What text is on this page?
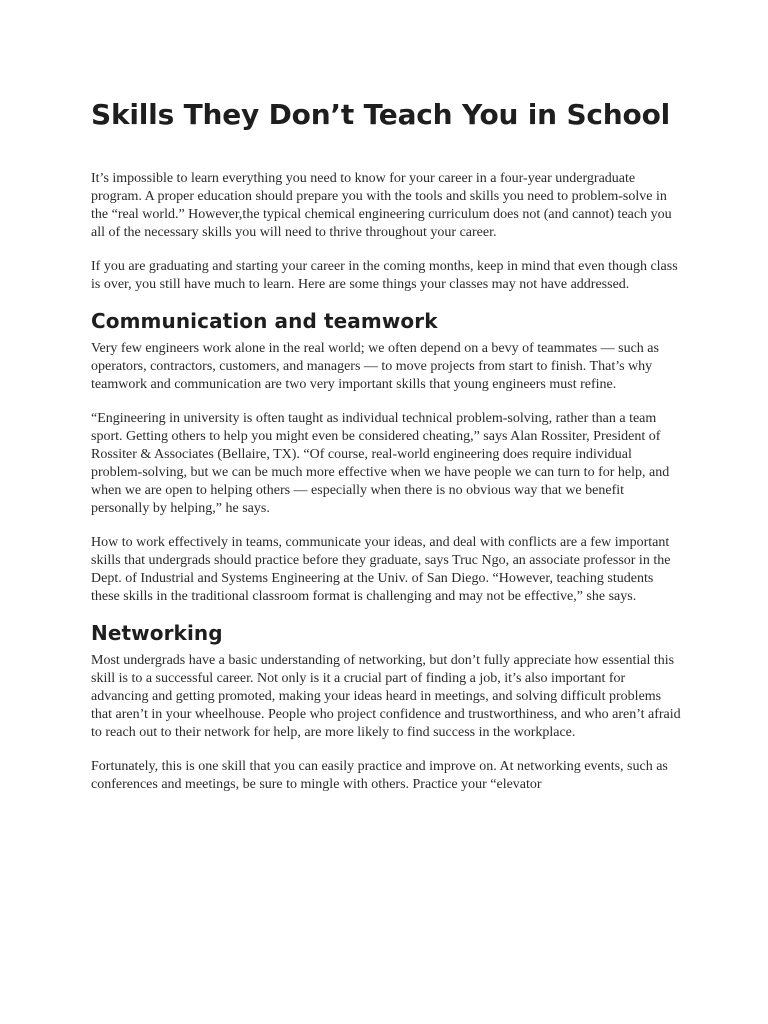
Skills They Don’t Teach You in School

It’s impossible to learn everything you need to know for your career in a four-year undergraduate program. A proper education should prepare you with the tools and skills you need to problem-solve in the “real world.” However,the typical chemical engineering curriculum does not (and cannot) teach you all of the necessary skills you will need to thrive throughout your career.

If you are graduating and starting your career in the coming months, keep in mind that even though class is over, you still have much to learn. Here are some things your classes may not have addressed.

Communication and teamwork

Very few engineers work alone in the real world; we often depend on a bevy of teammates — such as operators, contractors, customers, and managers — to move projects from start to finish. That’s why teamwork and communication are two very important skills that young engineers must refine.

“Engineering in university is often taught as individual technical problem-solving, rather than a team sport. Getting others to help you might even be considered cheating,” says Alan Rossiter, President of Rossiter & Associates (Bellaire, TX). “Of course, real-world engineering does require individual problem-solving, but we can be much more effective when we have people we can turn to for help, and when we are open to helping others — especially when there is no obvious way that we benefit personally by helping,” he says.

How to work effectively in teams, communicate your ideas, and deal with conflicts are a few important skills that undergrads should practice before they graduate, says Truc Ngo, an associate professor in the Dept. of Industrial and Systems Engineering at the Univ. of San Diego. “However, teaching students these skills in the traditional classroom format is challenging and may not be effective,” she says.

Networking

Most undergrads have a basic understanding of networking, but don’t fully appreciate how essential this skill is to a successful career. Not only is it a crucial part of finding a job, it’s also important for advancing and getting promoted, making your ideas heard in meetings, and solving difficult problems that aren’t in your wheelhouse. People who project confidence and trustworthiness, and who aren’t afraid to reach out to their network for help, are more likely to find success in the workplace.

Fortunately, this is one skill that you can easily practice and improve on. At networking events, such as conferences and meetings, be sure to mingle with others. Practice your “elevator
